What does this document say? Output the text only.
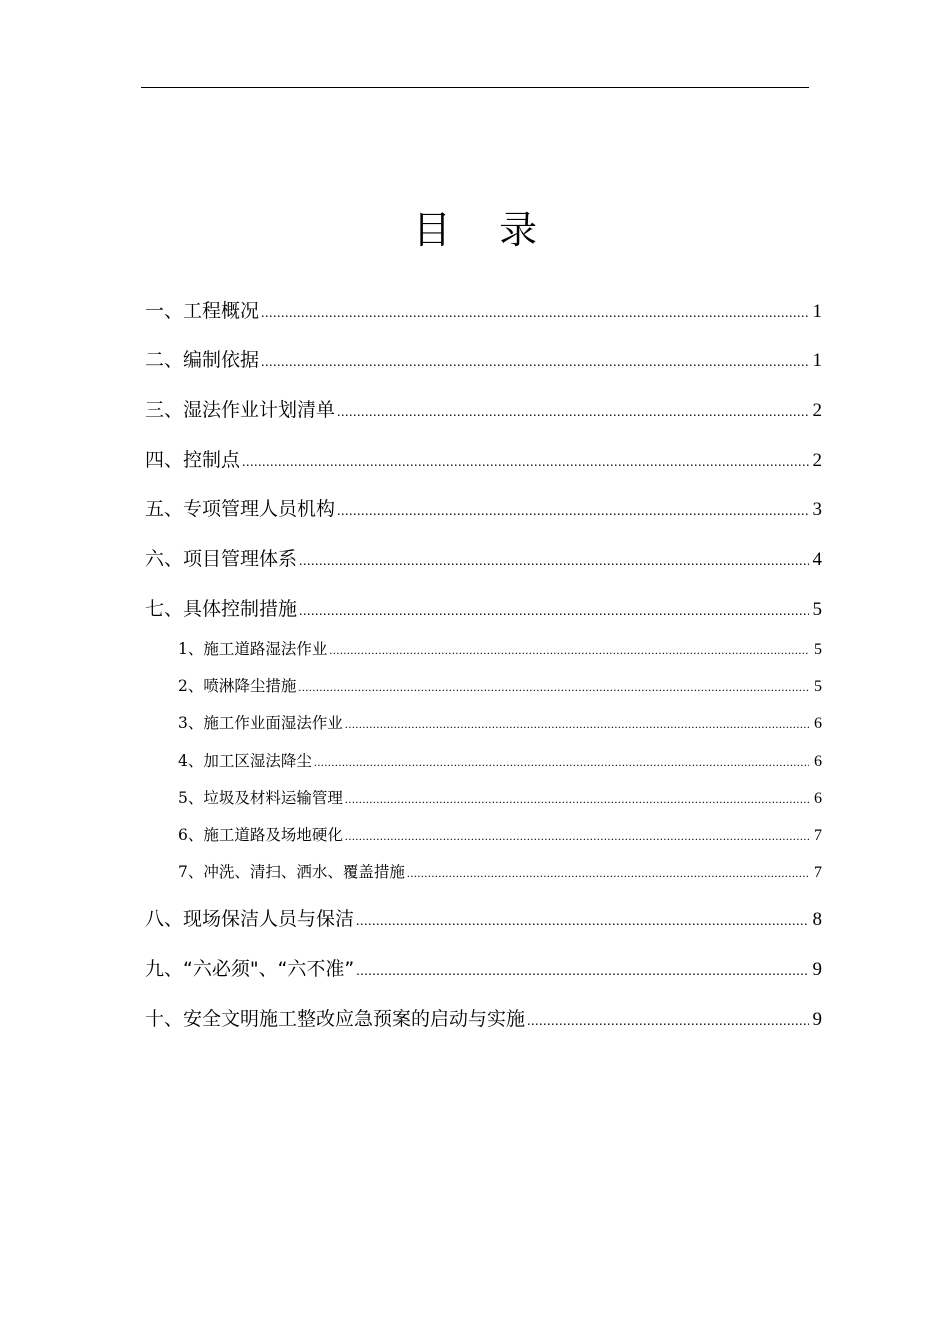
目    录
一、工程概况 .....	1
二、编制依据 .....	1
三、湿法作业计划清单 .....	2
四、控制点 .....	2
五、专项管理人员机构 .....	3
六、项目管理体系 .....	4
七、具体控制措施 .....	5
1、施工道路湿法作业 .....	5
2、喷淋降尘措施 .....	5
3、施工作业面湿法作业 .....	6
4、加工区湿法降尘 .....	6
5、垃圾及材料运输管理 .....	6
6、施工道路及场地硬化 .....	7
7、冲洗、清扫、洒水、覆盖措施 .....	7
八、现场保洁人员与保洁 .....	8
九、“六必须"、“六不准” .....	9
十、安全文明施工整改应急预案的启动与实施 .....	9
